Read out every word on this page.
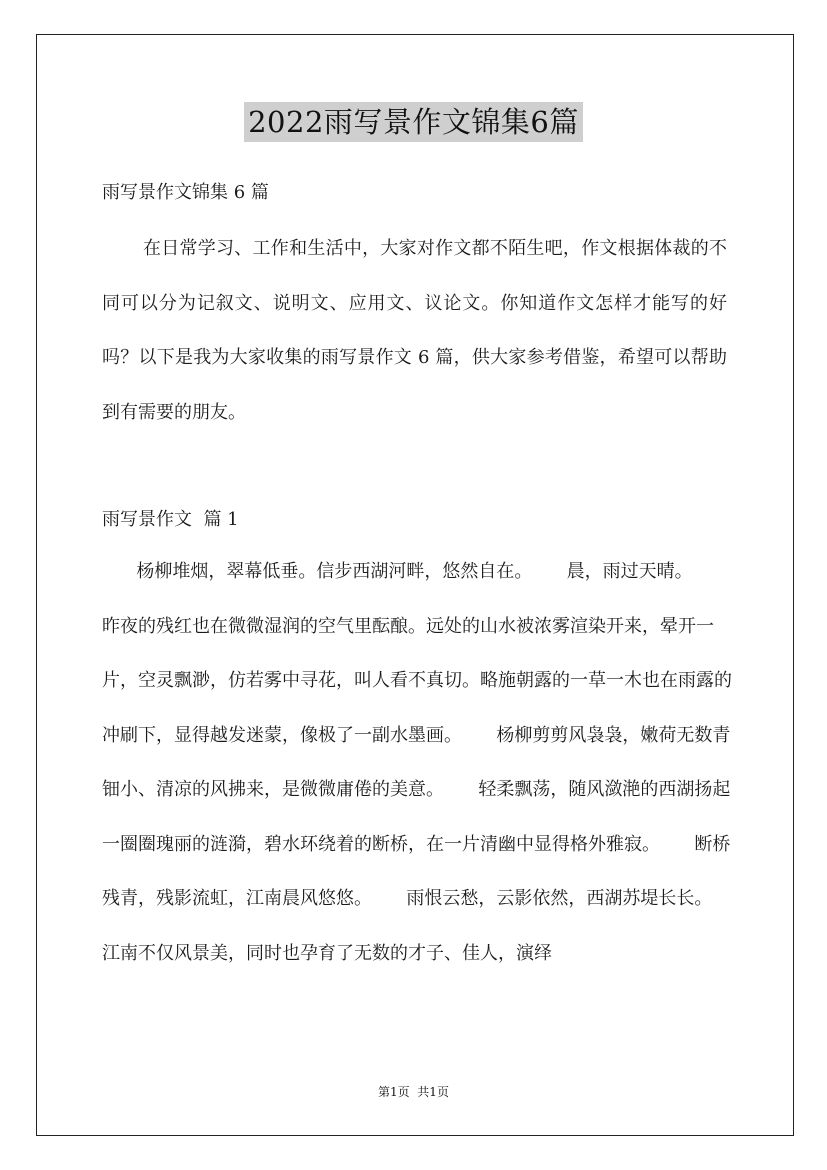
2022雨写景作文锦集6篇
雨写景作文锦集 6 篇

在日常学习、工作和生活中，大家对作文都不陌生吧，作文根据体裁的不同可以分为记叙文、说明文、应用文、议论文。你知道作文怎样才能写的好吗？以下是我为大家收集的雨写景作文 6 篇，供大家参考借鉴，希望可以帮助到有需要的朋友。

雨写景作文  篇 1

杨柳堆烟，翠幕低垂。信步西湖河畔，悠然自在。      晨，雨过天晴。      昨夜的残红也在微微湿润的空气里酝酿。远处的山水被浓雾渲染开来，晕开一片，空灵飘渺，仿若雾中寻花，叫人看不真切。略施朝露的一草一木也在雨露的冲刷下，显得越发迷蒙，像极了一副水墨画。      杨柳剪剪风袅袅，嫩荷无数青钿小、清凉的风拂来，是微微庸倦的美意。      轻柔飘荡，随风潋滟的西湖扬起一圈圈瑰丽的涟漪，碧水环绕着的断桥，在一片清幽中显得格外雅寂。      断桥残青，残影流虹，江南晨风悠悠。      雨恨云愁，云影依然，西湖苏堤长长。      江南不仅风景美，同时也孕育了无数的才子、佳人，演绎

第1页  共1页
